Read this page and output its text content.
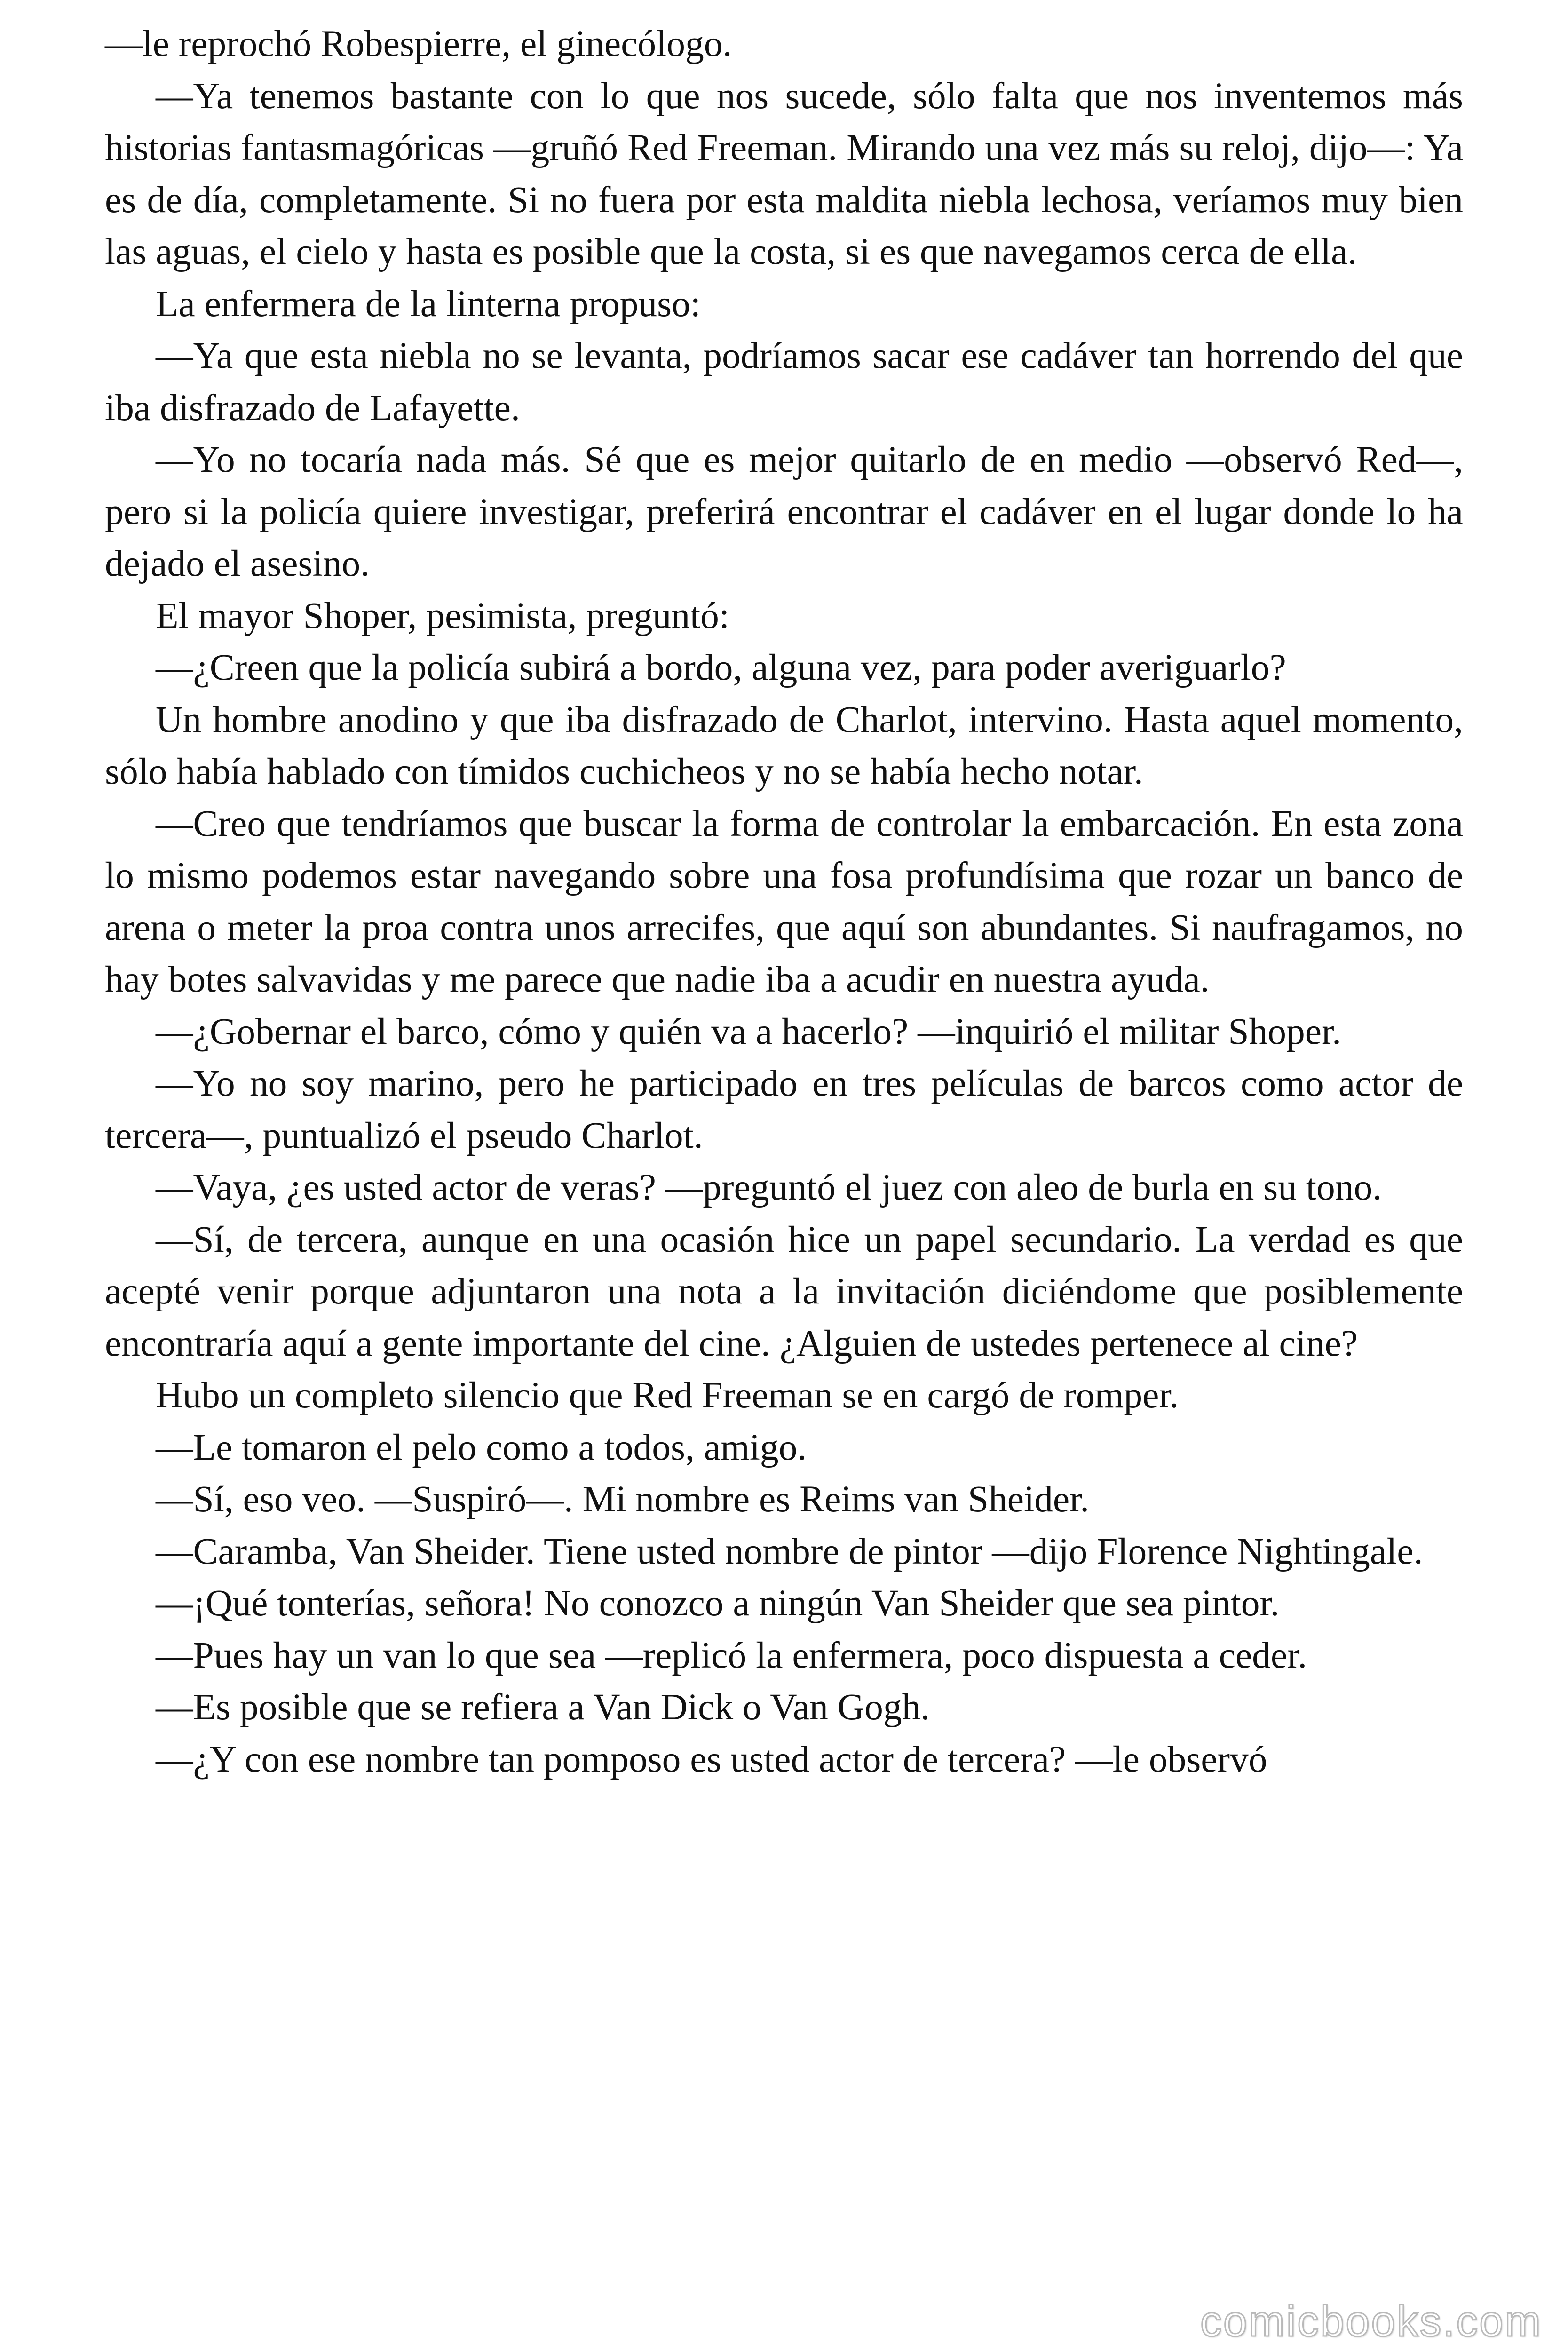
—le reprochó Robespierre, el ginecólogo.

—Ya tenemos bastante con lo que nos sucede, sólo falta que nos inventemos más historias fantasmagóricas —gruñó Red Freeman. Mirando una vez más su reloj, dijo—: Ya es de día, completamente. Si no fuera por esta maldita niebla lechosa, veríamos muy bien las aguas, el cielo y hasta es posible que la costa, si es que navegamos cerca de ella.

La enfermera de la linterna propuso:

—Ya que esta niebla no se levanta, podríamos sacar ese cadáver tan horrendo del que iba disfrazado de Lafayette.

—Yo no tocaría nada más. Sé que es mejor quitarlo de en medio —observó Red—, pero si la policía quiere investigar, preferirá encontrar el cadáver en el lugar donde lo ha dejado el asesino.

El mayor Shoper, pesimista, preguntó:

—¿Creen que la policía subirá a bordo, alguna vez, para poder averiguarlo?

Un hombre anodino y que iba disfrazado de Charlot, intervino. Hasta aquel momento, sólo había hablado con tímidos cuchicheos y no se había hecho notar.

—Creo que tendríamos que buscar la forma de controlar la embarcación. En esta zona lo mismo podemos estar navegando sobre una fosa profundísima que rozar un banco de arena o meter la proa contra unos arrecifes, que aquí son abundantes. Si naufragamos, no hay botes salvavidas y me parece que nadie iba a acudir en nuestra ayuda.

—¿Gobernar el barco, cómo y quién va a hacerlo? —inquirió el militar Shoper.

—Yo no soy marino, pero he participado en tres películas de barcos como actor de tercera—, puntualizó el pseudo Charlot.

—Vaya, ¿es usted actor de veras? —preguntó el juez con aleo de burla en su tono.

—Sí, de tercera, aunque en una ocasión hice un papel secundario. La verdad es que acepté venir porque adjuntaron una nota a la invitación diciéndome que posiblemente encontraría aquí a gente importante del cine. ¿Alguien de ustedes pertenece al cine?

Hubo un completo silencio que Red Freeman se en cargó de romper.

—Le tomaron el pelo como a todos, amigo.

—Sí, eso veo. —Suspiró—. Mi nombre es Reims van Sheider.

—Caramba, Van Sheider. Tiene usted nombre de pintor —dijo Florence Nightingale.

—¡Qué tonterías, señora! No conozco a ningún Van Sheider que sea pintor.

—Pues hay un van lo que sea —replicó la enfermera, poco dispuesta a ceder.

—Es posible que se refiera a Van Dick o Van Gogh.

—¿Y con ese nombre tan pomposo es usted actor de tercera? —le observó

comicbooks.com
